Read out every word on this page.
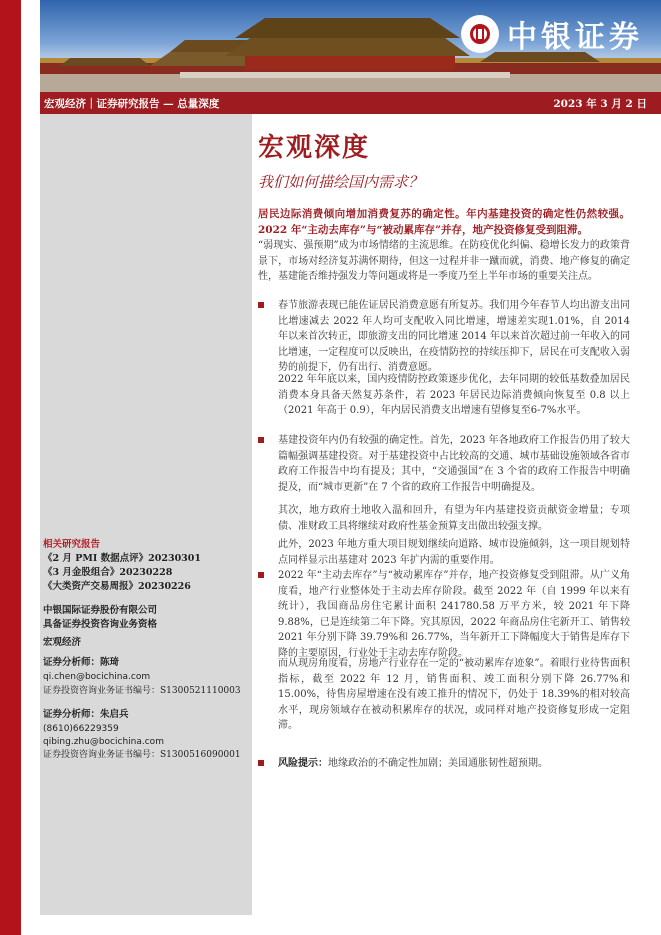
中银证券
宏观经济｜证券研究报告 — 总量深度	2023 年 3 月 2 日
宏观深度
我们如何描绘国内需求？
居民边际消费倾向增加消费复苏的确定性。年内基建投资的确定性仍然较强。2022 年“主动去库存”与“被动累库存”并存，地产投资修复受到阻滞。
“弱现实、强预期”成为市场情绪的主流思维。在防疫优化纠偏、稳增长发力的政策背景下，市场对经济复苏满怀期待，但这一过程并非一蹴而就，消费、地产修复的确定性，基建能否维持强发力等问题或将是一季度乃至上半年市场的重要关注点。
春节旅游表现已能佐证居民消费意愿有所复苏。我们用今年春节人均出游支出同比增速减去 2022 年人均可支配收入同比增速，增速差实现1.01%，自 2014 年以来首次转正，即旅游支出的同比增速 2014 年以来首次超过前一年收入的同比增速，一定程度可以反映出，在疫情防控的持续压抑下，居民在可支配收入弱势的前提下，仍有出行、消费意愿。
2022 年年底以来，国内疫情防控政策逐步优化，去年同期的较低基数叠加居民消费本身具备天然复苏条件，若 2023 年居民边际消费倾向恢复至 0.8 以上（2021 年高于 0.9），年内居民消费支出增速有望修复至6-7%水平。
基建投资年内仍有较强的确定性。首先，2023 年各地政府工作报告仍用了较大篇幅强调基建投资。对于基建投资中占比较高的交通、城市基础设施领域各省市政府工作报告中均有提及；其中，“交通强国”在 3 个省的政府工作报告中明确提及，而“城市更新”在 7 个省的政府工作报告中明确提及。
其次，地方政府土地收入温和回升，有望为年内基建投资贡献资金增量；专项债、准财政工具将继续对政府性基金预算支出做出较强支撑。
此外，2023 年地方重大项目规划继续向道路、城市设施倾斜，这一项目规划特点同样显示出基建对 2023 年扩内需的重要作用。
2022 年“主动去库存”与“被动累库存”并存，地产投资修复受到阻滞。从广义角度看，地产行业整体处于主动去库存阶段。截至 2022 年（自 1999 年以来有统计），我国商品房住宅累计面积 241780.58 万平方米，较 2021 年下降 9.88%，已是连续第二年下降。究其原因，2022 年商品房住宅新开工、销售较 2021 年分别下降 39.79%和 26.77%，当年新开工下降幅度大于销售是库存下降的主要原因，行业处于主动去库存阶段。
而从现房角度看，房地产行业存在一定的“被动累库存迹象”。着眼行业待售面积指标，截至 2022 年 12 月，销售面积、竣工面积分别下降 26.77%和 15.00%，待售房屋增速在没有竣工推升的情况下，仍处于 18.39%的相对较高水平，现房领域存在被动积累库存的状况，或同样对地产投资修复形成一定阻滞。
风险提示：地缘政治的不确定性加剧；美国通胀韧性超预期。
相关研究报告
《2 月 PMI 数据点评》20230301
《3 月金股组合》20230228
《大类资产交易周报》20230226
中银国际证券股份有限公司
具备证券投资咨询业务资格
宏观经济
证券分析师：陈琦
qi.chen@bocichina.com
证券投资咨询业务证书编号：S1300521110003
证券分析师：朱启兵
(8610)66229359
qibing.zhu@bocichina.com
证券投资咨询业务证书编号：S1300516090001
